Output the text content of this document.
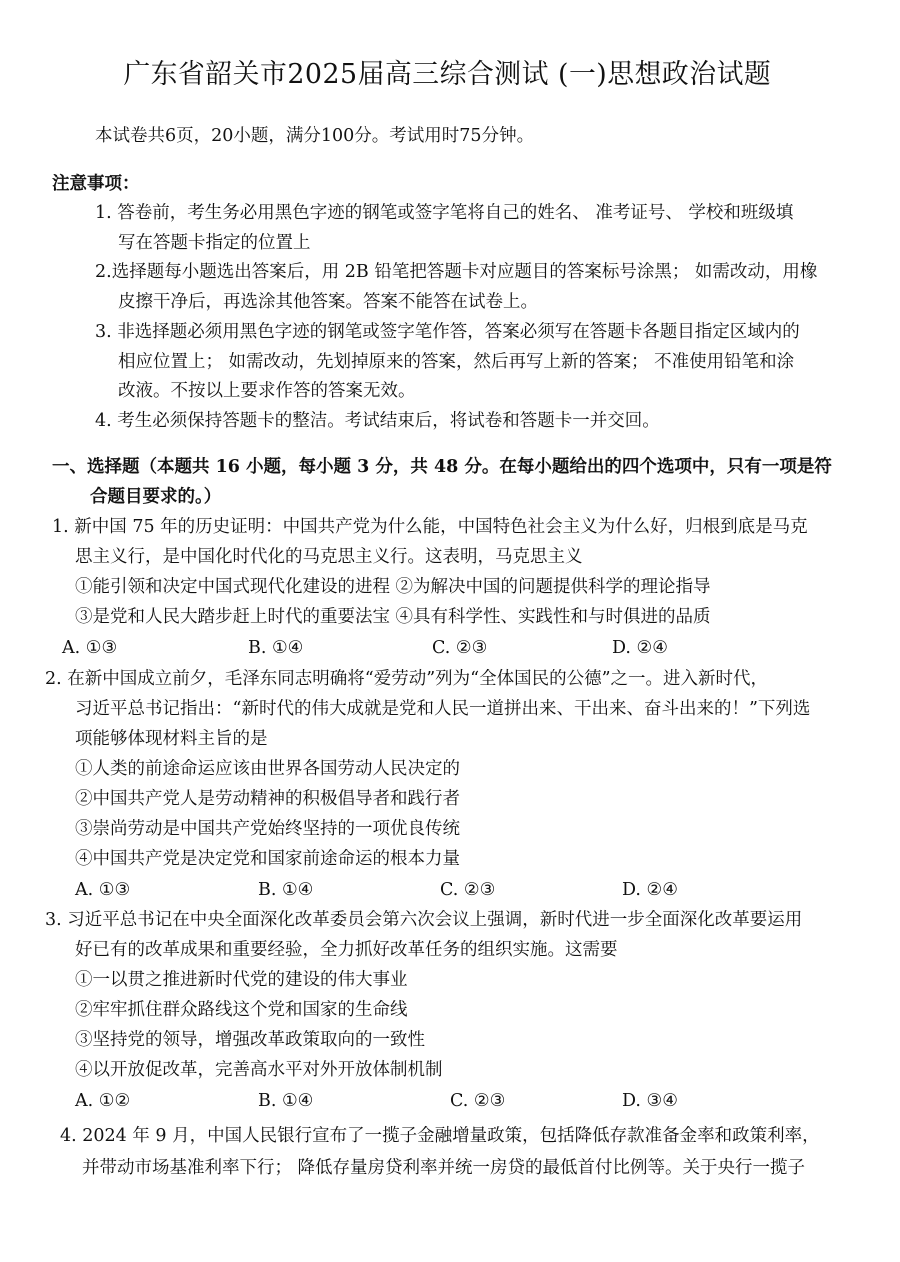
广东省韶关市2025届高三综合测试 (一)思想政治试题
本试卷共6页，20小题，满分100分。考试用时75分钟。
注意事项：
1. 答卷前，考生务必用黑色字迹的钢笔或签字笔将自己的姓名、 准考证号、 学校和班级填
写在答题卡指定的位置上
2.选择题每小题选出答案后，用 2B 铅笔把答题卡对应题目的答案标号涂黑； 如需改动，用橡
皮擦干净后，再选涂其他答案。答案不能答在试卷上。
3. 非选择题必须用黑色字迹的钢笔或签字笔作答，答案必须写在答题卡各题目指定区域内的
相应位置上； 如需改动，先划掉原来的答案，然后再写上新的答案； 不准使用铅笔和涂
改液。不按以上要求作答的答案无效。
4. 考生必须保持答题卡的整洁。考试结束后，将试卷和答题卡一并交回。
一、选择题（本题共 16 小题，每小题 3 分，共 48 分。在每小题给出的四个选项中，只有一项是符
合题目要求的。）
1. 新中国 75 年的历史证明：中国共产党为什么能，中国特色社会主义为什么好，归根到底是马克
思主义行，是中国化时代化的马克思主义行。这表明，马克思主义
①能引领和决定中国式现代化建设的进程 ②为解决中国的问题提供科学的理论指导
③是党和人民大踏步赶上时代的重要法宝 ④具有科学性、实践性和与时俱进的品质
A. ①③	B. ①④	C. ②③	D. ②④
2. 在新中国成立前夕，毛泽东同志明确将“爱劳动”列为“全体国民的公德”之一。进入新时代，
习近平总书记指出：“新时代的伟大成就是党和人民一道拼出来、干出来、奋斗出来的！”下列选
项能够体现材料主旨的是
①人类的前途命运应该由世界各国劳动人民决定的
②中国共产党人是劳动精神的积极倡导者和践行者
③崇尚劳动是中国共产党始终坚持的一项优良传统
④中国共产党是决定党和国家前途命运的根本力量
A. ①③	B. ①④	C. ②③	D. ②④
3. 习近平总书记在中央全面深化改革委员会第六次会议上强调，新时代进一步全面深化改革要运用
好已有的改革成果和重要经验，全力抓好改革任务的组织实施。这需要
①一以贯之推进新时代党的建设的伟大事业
②牢牢抓住群众路线这个党和国家的生命线
③坚持党的领导，增强改革政策取向的一致性
④以开放促改革，完善高水平对外开放体制机制
A. ①②	B. ①④	C. ②③	D. ③④
4. 2024 年 9 月，中国人民银行宣布了一揽子金融增量政策，包括降低存款准备金率和政策利率，
并带动市场基准利率下行； 降低存量房贷利率并统一房贷的最低首付比例等。关于央行一揽子
